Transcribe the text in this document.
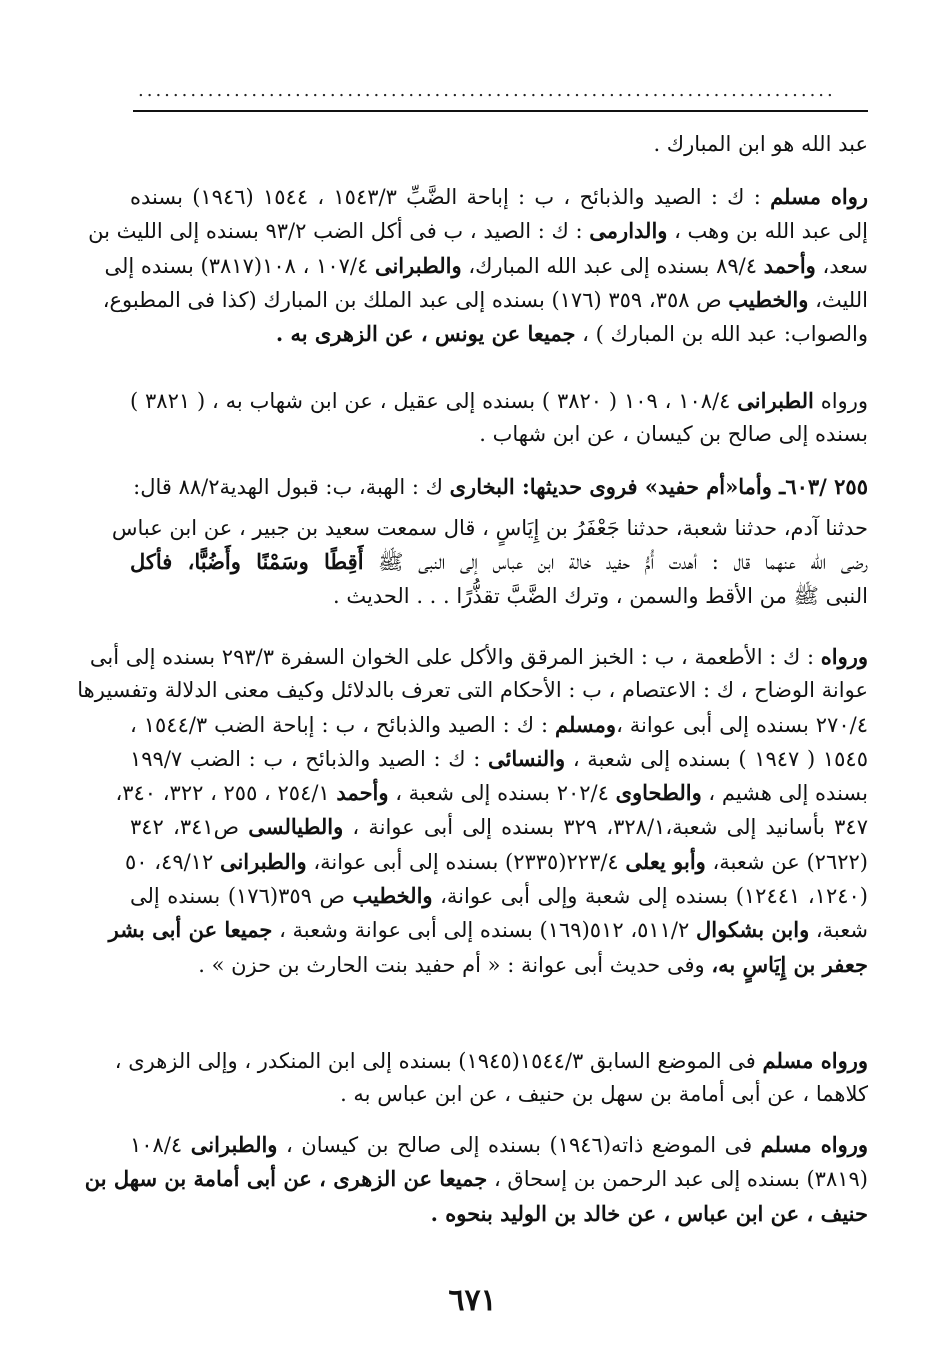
................................................................................
٦٧١
عبد الله هو ابن المبارك .
رواه مسلم : ك : الصيد والذبائح ، ب : إباحة الضَّبِّ ١٥٤٣/٣ ، ١٥٤٤ (١٩٤٦) بسنده
إلى عبد الله بن وهب ، والدارمى : ك : الصيد ، ب فى أكل الضب ٩٣/٢ بسنده إلى الليث بن
سعد، وأحمد ٨٩/٤ بسنده إلى عبد الله المبارك، والطبرانى ١٠٧/٤ ، ١٠٨(٣٨١٧) بسنده إلى
الليث، والخطيب ص ٣٥٨، ٣٥٩ (١٧٦) بسنده إلى عبد الملك بن المبارك (كذا فى المطبوع،
والصواب: عبد الله بن المبارك ) ، جميعا عن يونس ، عن الزهرى به .
ورواه الطبرانى ١٠٨/٤ ، ١٠٩ ( ٣٨٢٠ ) بسنده إلى عقيل ، عن ابن شهاب به ، ( ٣٨٢١ )
بسنده إلى صالح بن كيسان ، عن ابن شهاب .
٢٥٥ /٦٠٣ـ وأما«أم حفيد» فروى حديثها: البخارى ك : الهبة، ب: قبول الهدية٨٨/٢ قال:
حدثنا آدم، حدثنا شعبة، حدثنا جَعْفَرُ بن إِيَاسٍ ، قال سمعت سعيد بن جبير ، عن ابن عباس
رضى الله عنهما قال : أهدت أُمُّ حفيد خالة ابن عباس إلى النبى ﷺ أَقِطًا وسَمْنًا وأَضُبًّا، فأكل
النبى ﷺ من الأقط والسمن ، وترك الضَّبَّ تقذُّرًا . . . الحديث .
ورواه : ك : الأطعمة ، ب : الخبز المرقق والأكل على الخوان السفرة ٢٩٣/٣ بسنده إلى أبى
عوانة الوضاح ، ك : الاعتصام ، ب : الأحكام التى تعرف بالدلائل وكيف معنى الدلالة وتفسيرها
٢٧٠/٤ بسنده إلى أبى عوانة ،ومسلم : ك : الصيد والذبائح ، ب : إباحة الضب ١٥٤٤/٣ ،
١٥٤٥ ( ١٩٤٧ ) بسنده إلى شعبة ، والنسائى : ك : الصيد والذبائح ، ب : الضب ١٩٩/٧
بسنده إلى هشيم ، والطحاوى ٢٠٢/٤ بسنده إلى شعبة ، وأحمد ٢٥٤/١ ، ٢٥٥ ، ٣٢٢، ٣٤٠،
٣٤٧ بأسانيد إلى شعبة،٣٢٨/١، ٣٢٩ بسنده إلى أبى عوانة ، والطيالسى ص٣٤١، ٣٤٢
(٢٦٢٢) عن شعبة، وأبو يعلى ٢٢٣/٤(٢٣٣٥) بسنده إلى أبى عوانة، والطبرانى ٤٩/١٢، ٥٠
(١٢٤٠، ١٢٤٤١) بسنده إلى شعبة وإلى أبى عوانة، والخطيب ص ٣٥٩(١٧٦) بسنده إلى
شعبة، وابن بشكوال ٥١١/٢، ٥١٢(١٦٩) بسنده إلى أبى عوانة وشعبة ، جميعا عن أبى بشر
جعفر بن إِيَاسٍ به، وفى حديث أبى عوانة : « أم حفيد بنت الحارث بن حزن » .
ورواه مسلم فى الموضع السابق ١٥٤٤/٣(١٩٤٥) بسنده إلى ابن المنكدر ، وإلى الزهرى ،
كلاهما ، عن أبى أمامة بن سهل بن حنيف ، عن ابن عباس به .
ورواه مسلم فى الموضع ذاته(١٩٤٦) بسنده إلى صالح بن كيسان ، والطبرانى ١٠٨/٤
(٣٨١٩) بسنده إلى عبد الرحمن بن إسحاق ، جميعا عن الزهرى ، عن أبى أمامة بن سهل بن
حنيف ، عن ابن عباس ، عن خالد بن الوليد بنحوه .
